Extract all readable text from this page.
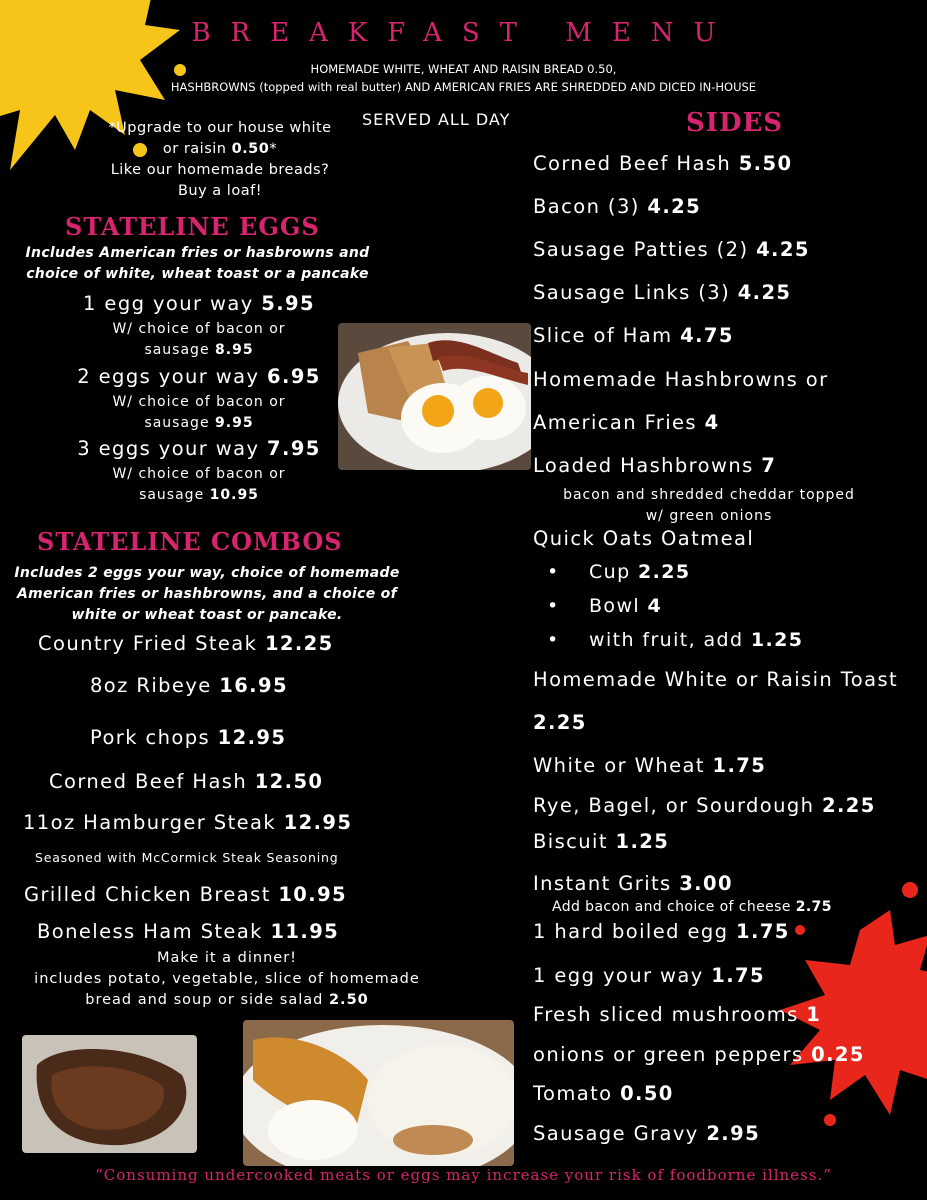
BREAKFAST MENU
HOMEMADE WHITE, WHEAT AND RAISIN BREAD 0.50,
HASHBROWNS (topped with real butter) AND AMERICAN FRIES ARE SHREDDED AND DICED IN-HOUSE
SERVED ALL DAY
*Upgrade to our house white
or raisin 0.50*
Like our homemade breads?
Buy a loaf!
STATELINE EGGS
Includes American fries or hasbrowns and
choice of white, wheat toast or a pancake
1 egg your way 5.95
W/ choice of bacon or
sausage 8.95
2 eggs your way 6.95
W/ choice of bacon or
sausage 9.95
3 eggs your way 7.95
W/ choice of bacon or
sausage 10.95
STATELINE COMBOS
Includes 2 eggs your way, choice of homemade
American fries or hashbrowns, and a choice of
white or wheat toast or pancake.
Country Fried Steak 12.25
8oz Ribeye 16.95
Pork chops 12.95
Corned Beef Hash 12.50
11oz Hamburger Steak 12.95
Seasoned with McCormick Steak Seasoning
Grilled Chicken Breast 10.95
Boneless Ham Steak 11.95
Make it a dinner!
includes potato, vegetable, slice of homemade
bread and soup or side salad 2.50
SIDES
Corned Beef Hash 5.50
Bacon (3) 4.25
Sausage Patties (2) 4.25
Sausage Links (3) 4.25
Slice of Ham 4.75
Homemade Hashbrowns or
American Fries 4
Loaded Hashbrowns 7
bacon and shredded cheddar topped
w/ green onions
Quick Oats Oatmeal
• Cup 2.25
• Bowl 4
• with fruit, add 1.25
Homemade White or Raisin Toast
2.25
White or Wheat 1.75
Rye, Bagel, or Sourdough 2.25
Biscuit 1.25
Instant Grits 3.00
Add bacon and choice of cheese 2.75
1 hard boiled egg 1.75
1 egg your way 1.75
Fresh sliced mushrooms 1
onions or green peppers 0.25
Tomato 0.50
Sausage Gravy 2.95
“Consuming undercooked meats or eggs may increase your risk of foodborne illness.”
